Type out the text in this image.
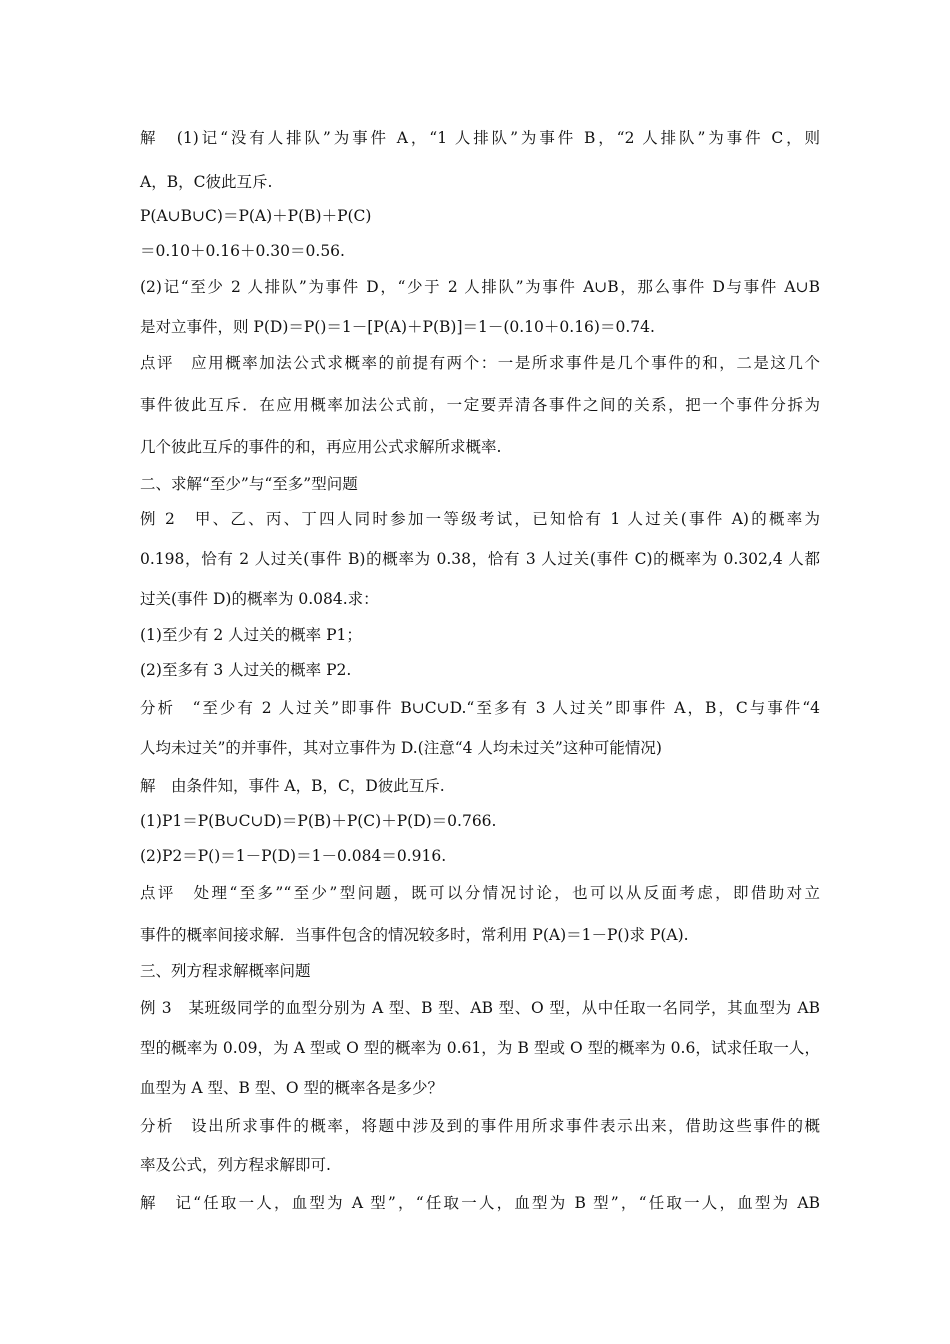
解　(1)记“没有人排队”为事件 A，“1 人排队”为事件 B，“2 人排队”为事件 C，则
A，B，C彼此互斥.
P(A∪B∪C)＝P(A)＋P(B)＋P(C)
＝0.10＋0.16＋0.30＝0.56.
(2)记“至少 2 人排队”为事件 D，“少于 2 人排队”为事件 A∪B，那么事件 D与事件 A∪B
是对立事件，则 P(D)＝P()＝1－[P(A)＋P(B)]＝1－(0.10＋0.16)＝0.74.
点评　应用概率加法公式求概率的前提有两个：一是所求事件是几个事件的和，二是这几个
事件彼此互斥．在应用概率加法公式前，一定要弄清各事件之间的关系，把一个事件分拆为
几个彼此互斥的事件的和，再应用公式求解所求概率.
二、求解“至少”与“至多”型问题
例 2　甲、乙、丙、丁四人同时参加一等级考试，已知恰有 1 人过关(事件 A)的概率为
0.198，恰有 2 人过关(事件 B)的概率为 0.38，恰有 3 人过关(事件 C)的概率为 0.302,4 人都
过关(事件 D)的概率为 0.084.求：
(1)至少有 2 人过关的概率 P1；
(2)至多有 3 人过关的概率 P2.
分析　“至少有 2 人过关”即事件 B∪C∪D.“至多有 3 人过关”即事件 A，B，C与事件“4
人均未过关”的并事件，其对立事件为 D.(注意“4 人均未过关”这种可能情况)
解　由条件知，事件 A，B，C，D彼此互斥.
(1)P1＝P(B∪C∪D)＝P(B)＋P(C)＋P(D)＝0.766.
(2)P2＝P()＝1－P(D)＝1－0.084＝0.916.
点评　处理“至多”“至少”型问题，既可以分情况讨论，也可以从反面考虑，即借助对立
事件的概率间接求解．当事件包含的情况较多时，常利用 P(A)＝1－P()求 P(A).
三、列方程求解概率问题
例 3　某班级同学的血型分别为 A 型、B 型、AB 型、O 型，从中任取一名同学，其血型为 AB
型的概率为 0.09，为 A 型或 O 型的概率为 0.61，为 B 型或 O 型的概率为 0.6，试求任取一人，
血型为 A 型、B 型、O 型的概率各是多少？
分析　设出所求事件的概率，将题中涉及到的事件用所求事件表示出来，借助这些事件的概
率及公式，列方程求解即可.
解　记“任取一人，血型为 A 型”，“任取一人，血型为 B 型”，“任取一人，血型为 AB
